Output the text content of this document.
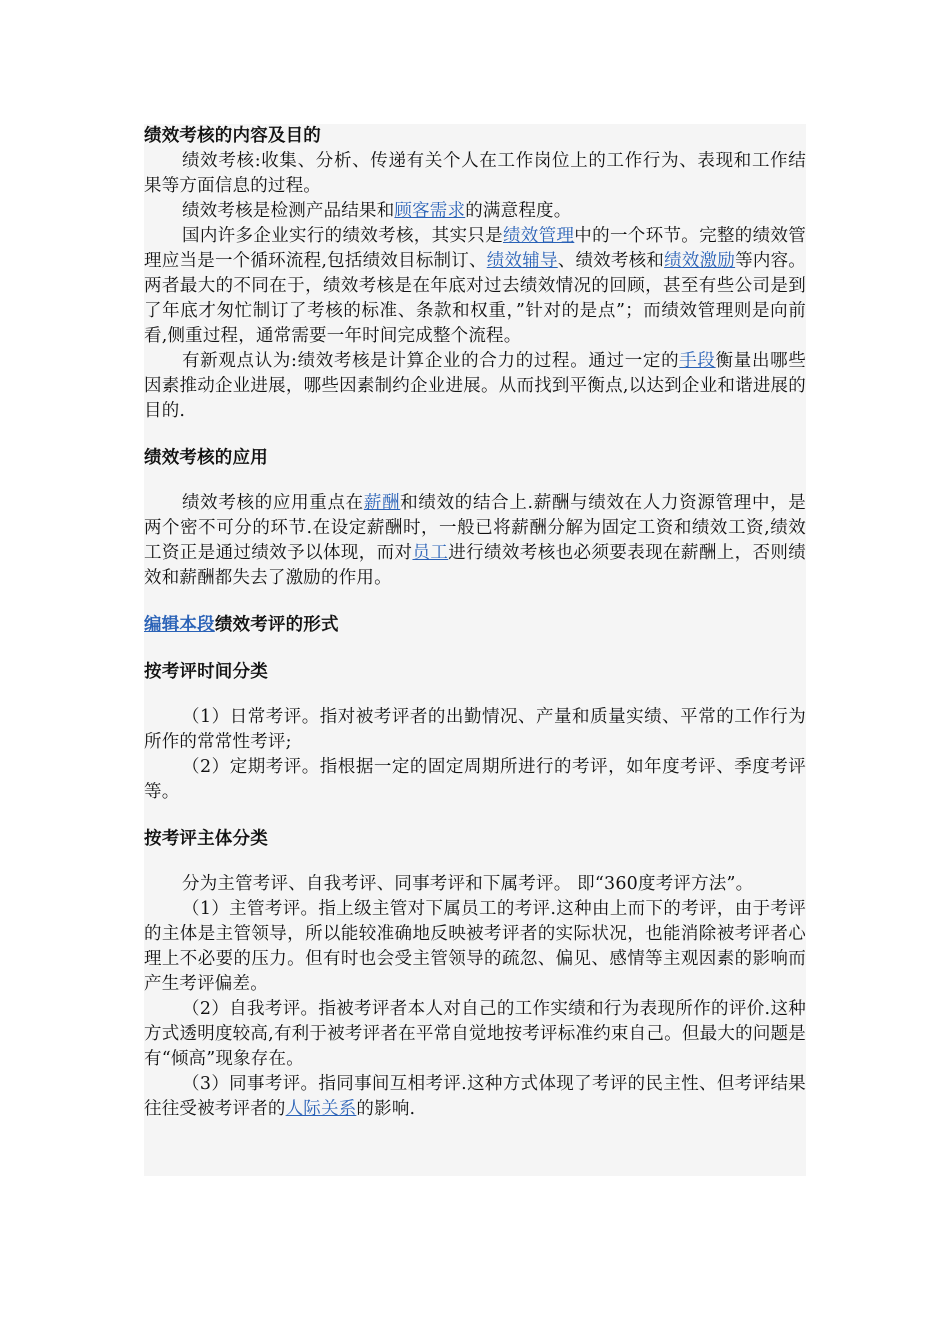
绩效考核的内容及目的

绩效考核:收集、分析、传递有关个人在工作岗位上的工作行为、表现和工作结果等方面信息的过程。

绩效考核是检测产品结果和顾客需求的满意程度。

国内许多企业实行的绩效考核，其实只是绩效管理中的一个环节。完整的绩效管理应当是一个循环流程,包括绩效目标制订、绩效辅导、绩效考核和绩效激励等内容。两者最大的不同在于，绩效考核是在年底对过去绩效情况的回顾，甚至有些公司是到了年底才匆忙制订了考核的标准、条款和权重，”针对的是点”；而绩效管理则是向前看,侧重过程，通常需要一年时间完成整个流程。

有新观点认为:绩效考核是计算企业的合力的过程。通过一定的手段衡量出哪些因素推动企业进展，哪些因素制约企业进展。从而找到平衡点,以达到企业和谐进展的目的.

绩效考核的应用

绩效考核的应用重点在薪酬和绩效的结合上.薪酬与绩效在人力资源管理中，是两个密不可分的环节.在设定薪酬时，一般已将薪酬分解为固定工资和绩效工资,绩效工资正是通过绩效予以体现，而对员工进行绩效考核也必须要表现在薪酬上，否则绩效和薪酬都失去了激励的作用。

编辑本段绩效考评的形式
按考评时间分类

（1）日常考评。指对被考评者的出勤情况、产量和质量实绩、平常的工作行为所作的常常性考评;

（2）定期考评。指根据一定的固定周期所进行的考评，如年度考评、季度考评等。

按考评主体分类

分为主管考评、自我考评、同事考评和下属考评。 即“360度考评方法”。

（1）主管考评。指上级主管对下属员工的考评.这种由上而下的考评，由于考评的主体是主管领导，所以能较准确地反映被考评者的实际状况，也能消除被考评者心理上不必要的压力。但有时也会受主管领导的疏忽、偏见、感情等主观因素的影响而产生考评偏差。

（2）自我考评。指被考评者本人对自己的工作实绩和行为表现所作的评价.这种方式透明度较高,有利于被考评者在平常自觉地按考评标准约束自己。但最大的问题是有“倾高”现象存在。

（3）同事考评。指同事间互相考评.这种方式体现了考评的民主性、但考评结果往往受被考评者的人际关系的影响.
